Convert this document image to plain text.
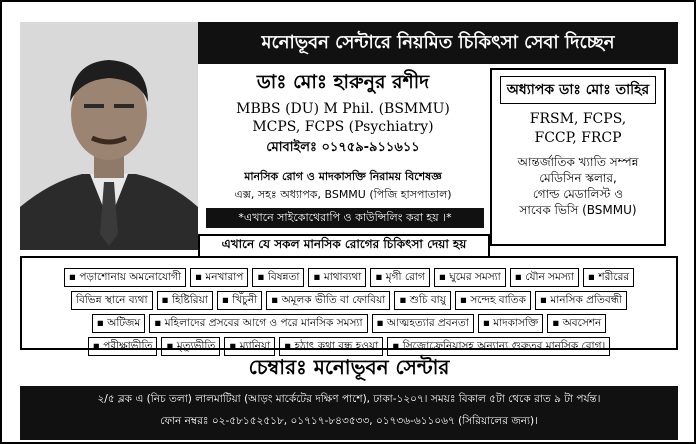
মনোভূবন সেন্টারে নিয়মিত চিকিৎসা সেবা দিচ্ছেন
ডাঃ মোঃ হারুনুর রশীদ
MBBS (DU) M Phil. (BSMMU)
MCPS, FCPS (Psychiatry)
মোবাইলঃ ০১৭৫৯-৯১১৬১১
মানসিক রোগ ও মাদকাসক্তি নিরাময় বিশেষজ্ঞ
এক্স, সহঃ অধ্যাপক, BSMMU (পিজি হাসপাতাল)
*এখানে সাইকোথেরাপি ও কাউন্সিলিং করা হয় ।*
অধ্যাপক ডাঃ মোঃ তাহির
FRSM, FCPS,
FCCP, FRCP
আন্তর্জাতিক খ্যাতি সম্পন্ন
মেডিসিন স্কলার,
গোল্ড মেডালিস্ট ও
সাবেক ভিসি (BSMMU)
▪ পড়াশোনায় অমনোযোগী	▪ মনখারাপ	▪ বিষন্নতা	▪ মাথাব্যথা	▪ মৃগী রোগ	▪ ঘুমের সমস্যা	▪ যৌন সমস্যা	▪ শরীরের
বিভিন্ন স্থানে ব্যথা	▪ হিষ্টিরিয়া	▪ খিঁচুনী	▪ অমূলক ভীতি বা ফোবিয়া	▪ শুচি বায়ু	▪ সন্দেহ বাতিক	▪ মানসিক প্রতিবন্ধী
▪ অটিজম	▪ মহিলাদের প্রসবের আগে ও পরে মানসিক সমস্যা	▪ আত্মহত্যার প্রবনতা	▪ মাদকাসক্তি	▪ অবসেশন
▪ পরীক্ষাভীতি	▪ মৃত্যুভীতি	▪ ম্যানিয়া	▪ হঠাৎ কথা বন্ধ হওয়া	▪ সিজোফ্রেনিয়াসহ অন্যান্য গুরুতর মানসিক রোগ।
এখানে যে সকল মানসিক রোগের চিকিৎসা দেয়া হয়
চেম্বারঃ মনোভূবন সেন্টার
২/৫ ব্লক এ (নিচ তলা) লালমাটিয়া (আড়ং মার্কেটের দক্ষিণ পাশে), ঢাকা-১২০৭। সময়ঃ বিকাল ৫টা থেকে রাত ৯ টা পর্যন্ত।
ফোন নম্বরঃ ০২-৫৮১৫২৫১৮, ০১৭১৭-৮৪৩৫৩৩, ০১৭৩৬-৬১১০৬৭ (সিরিয়ালের জন্য)।
